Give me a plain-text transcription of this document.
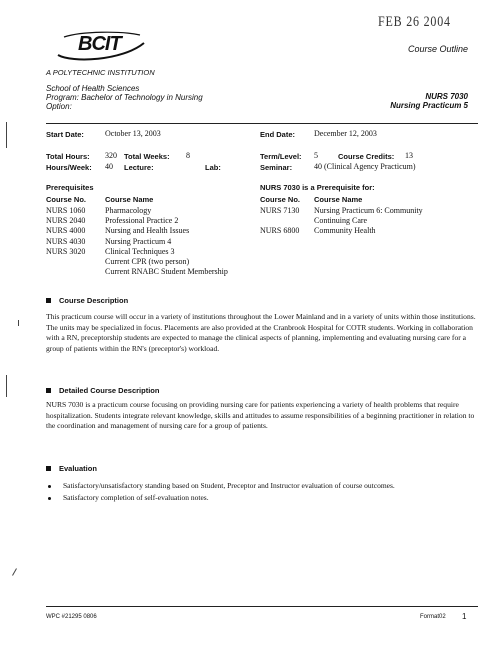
FEB 26 2004
BCIT
A POLYTECHNIC INSTITUTION
Course Outline
School of Health Sciences
Program: Bachelor of Technology in Nursing
Option:
NURS 7030
Nursing Practicum 5
Start Date:	October 13, 2003	End Date: December 12, 2003
Total Hours: 320 Total Weeks: 8	Term/Level: 5	Course Credits: 13
Hours/Week: 40 Lecture:	Lab:	Seminar:	40 (Clinical Agency Practicum)
Prerequisites
Course No.	Course Name
NURS 1060 Pharmacology
NURS 2040 Professional Practice 2
NURS 4000 Nursing and Health Issues
NURS 4030 Nursing Practicum 4
NURS 3020 Clinical Techniques 3
Current CPR (two person)
Current RNABC Student Membership
NURS 7030 is a Prerequisite for:
Course No. Course Name
NURS 7130 Nursing Practicum 6: Community
Continuing Care
NURS 6800 Community Health
Course Description
This practicum course will occur in a variety of institutions throughout the Lower Mainland and in a variety of units within those institutions. The units may be specialized in focus. Placements are also provided at the Cranbrook Hospital for COTR students. Working in collaboration with a RN, preceptorship students are expected to manage the clinical aspects of planning, implementing and evaluating nursing care for a group of patients within the RN's (preceptor's) workload.
Detailed Course Description
NURS 7030 is a practicum course focusing on providing nursing care for patients experiencing a variety of health problems that require hospitalization. Students integrate relevant knowledge, skills and attitudes to assume responsibilities of a beginning practitioner in relation to the coordination and management of nursing care for a group of patients.
Evaluation
Satisfactory/unsatisfactory standing based on Student, Preceptor and Instructor evaluation of course outcomes.
Satisfactory completion of self-evaluation notes.
WPC #21295 0806	Format02 1
